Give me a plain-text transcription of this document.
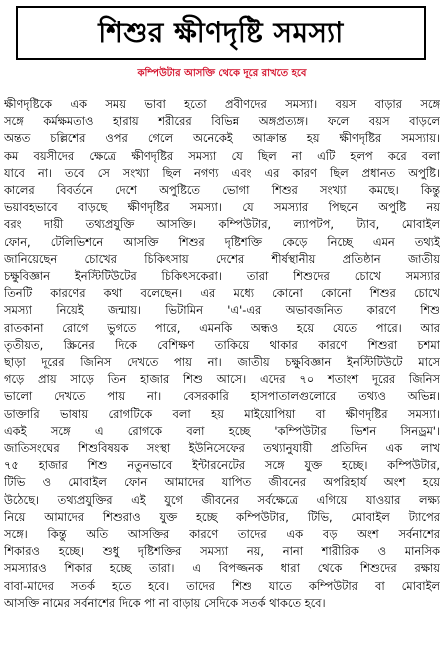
শিশুর ক্ষীণদৃষ্টি সমস্যা
কম্পিউটার আসক্তি থেকে দূরে রাখতে হবে
ক্ষীণদৃষ্টিকে এক সময় ভাবা হতো প্রবীণদের সমস্যা। বয়স বাড়ার সঙ্গে
সঙ্গে কর্মক্ষমতাও হারায় শরীরের বিভিন্ন অঙ্গপ্রত্যঙ্গ। ফলে বয়স বাড়লে
অন্তত চল্লিশের ওপর গেলে অনেকেই আক্রান্ত হয় ক্ষীণদৃষ্টির সমস্যায়।
কম বয়সীদের ক্ষেত্রে ক্ষীণদৃষ্টির সমস্যা যে ছিল না এটি হলপ করে বলা
যাবে না। তবে সে সংখ্যা ছিল নগণ্য এবং এর কারণ ছিল প্রধানত অপুষ্টি।
কালের বিবর্তনে দেশে অপুষ্টিতে ভোগা শিশুর সংখ্যা কমছে। কিন্তু
ভয়াবহভাবে বাড়ছে ক্ষীণদৃষ্টির সমস্যা। যে সমস্যার পিছনে অপুষ্টি নয়
বরং দায়ী তথ্যপ্রযুক্তি আসক্তি। কম্পিউটার, ল্যাপটপ, ট্যাব, মোবাইল
ফোন, টেলিভিশনে আসক্তি শিশুর দৃষ্টিশক্তি কেড়ে নিচ্ছে এমন তথ্যই
জানিয়েছেন চোখের চিকিৎসায় দেশের শীর্ষস্থানীয় প্রতিষ্ঠান জাতীয়
চক্ষুবিজ্ঞান ইনস্টিটিউটের চিকিৎসকেরা। তারা শিশুদের চোখে সমস্যার
তিনটি কারণের কথা বলেছেন। এর মধ্যে কোনো কোনো শিশুর চোখে
সমস্যা নিয়েই জন্মায়। ভিটামিন 'এ'-এর অভাবজনিত কারণে শিশু
রাতকানা রোগে ভুগতে পারে, এমনকি অন্ধও হয়ে যেতে পারে। আর
তৃতীয়ত, স্ক্রিনের দিকে বেশিক্ষণ তাকিয়ে থাকার কারণে শিশুরা চশমা
ছাড়া দূরের জিনিস দেখতে পায় না। জাতীয় চক্ষুবিজ্ঞান ইনস্টিটিউটে মাসে
গড়ে প্রায় সাড়ে তিন হাজার শিশু আসে। এদের ৭০ শতাংশ দূরের জিনিস
ভালো দেখতে পায় না। বেসরকারি হাসপাতালগুলোরে তথ্যও অভিন্ন।
ডাক্তারি ভাষায় রোগটিকে বলা হয় মাইয়োপিয়া বা ক্ষীণদৃষ্টির সমস্যা।
একই সঙ্গে এ রোগকে বলা হচ্ছে 'কম্পিউটার ভিশন সিনড্রম'।
জাতিসংঘের শিশুবিষয়ক সংস্থা ইউনিসেফের তথ্যানুযায়ী প্রতিদিন এক লাখ
৭৫ হাজার শিশু নতুনভাবে ইন্টারনেটের সঙ্গে যুক্ত হচ্ছে। কম্পিউটার,
টিভি ও মোবাইল ফোন আমাদের যাপিত জীবনের অপরিহার্য অংশ হয়ে
উঠেছে। তথ্যপ্রযুক্তির এই যুগে জীবনের সর্বক্ষেত্রে এগিয়ে যাওয়ার লক্ষ্য
নিয়ে আমাদের শিশুরাও যুক্ত হচ্ছে কম্পিউটার, টিভি, মোবাইল ট্যাপের
সঙ্গে। কিন্তু অতি আসক্তির কারণে তাদের এক বড় অংশ সর্বনাশের
শিকারও হচ্ছে। শুধু দৃষ্টিশক্তির সমস্যা নয়, নানা শারীরিক ও মানসিক
সমস্যারও শিকার হচ্ছে তারা। এ বিপজ্জনক ধারা থেকে শিশুদের রক্ষায়
বাবা-মাদের সতর্ক হতে হবে। তাদের শিশু যাতে কম্পিউটার বা মোবাইল
আসক্তি নামের সর্বনাশের দিকে পা না বাড়ায় সেদিকে সতর্ক থাকতে হবে।
